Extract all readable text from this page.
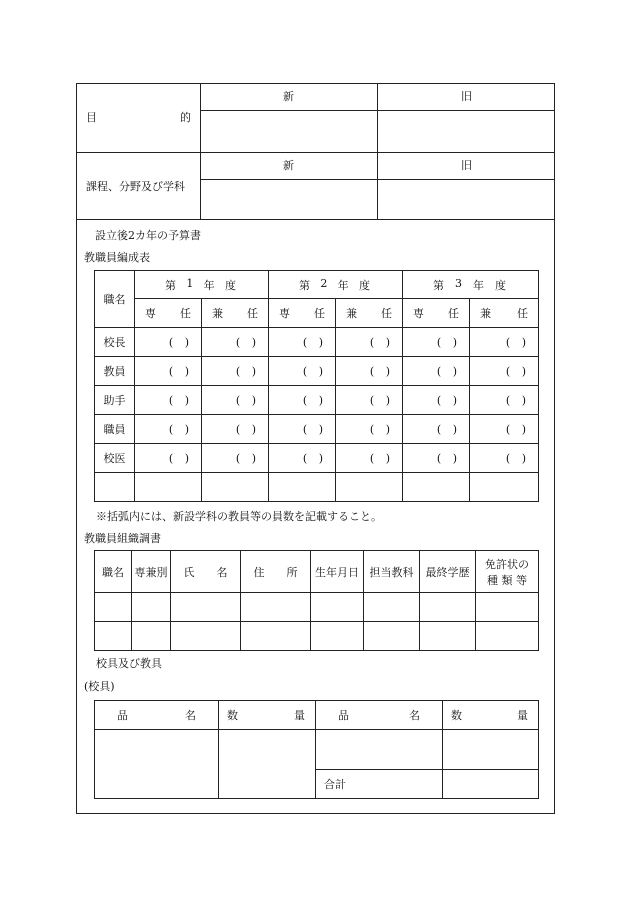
目	的
新	旧
課程、分野及び学科
新	旧
設立後2カ年の予算書
教職員編成表
職名	第 1 年 度		第 2 年 度		第 3 年 度	

	専 任	兼 任	専 任	兼 任	専 任	兼 任

校長	( )	( )	( )	( )	( )	( )
教員	( )	( )	( )	( )	( )	( )
助手	( )	( )	( )	( )	( )	( )
職員	( )	( )	( )	( )	( )	( )
校医	( )	( )	( )	( )	( )	( )

※括弧内には、新設学科の教員等の員数を記載すること。
教職員組織調書
職名	専兼別	氏　　名	住　　所	生年月日	担当教科	最終学歴	免許状の
種 類 等

校具及び教具
(校具)
品 名	数 量	品 名	数 量

		合計	
